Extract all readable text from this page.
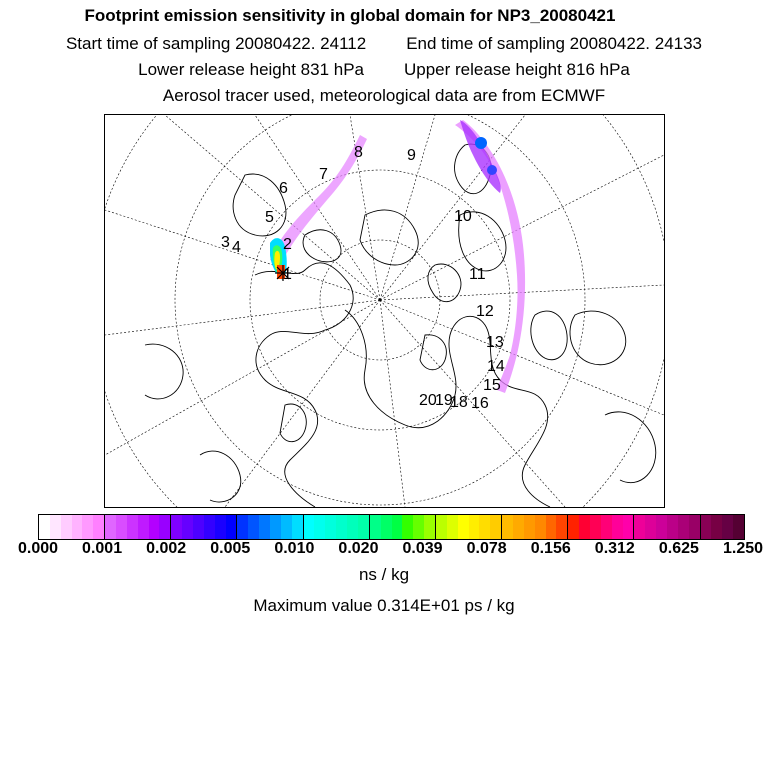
Footprint emission sensitivity in global domain for NP3_20080421
Start time of sampling 20080422. 24112 End time of sampling 20080422. 24133
Lower release height 831 hPa Upper release height 816 hPa
Aerosol tracer used, meteorological data are from ECMWF
1
2
3 4
5
6
7
8	9
10
11
12
13
14
15
16
18
19
20
0.000 0.001 0.002 0.005 0.010 0.020 0.039 0.078 0.156 0.312 0.625 1.250
ns / kg
Maximum value 0.314E+01 ps / kg
